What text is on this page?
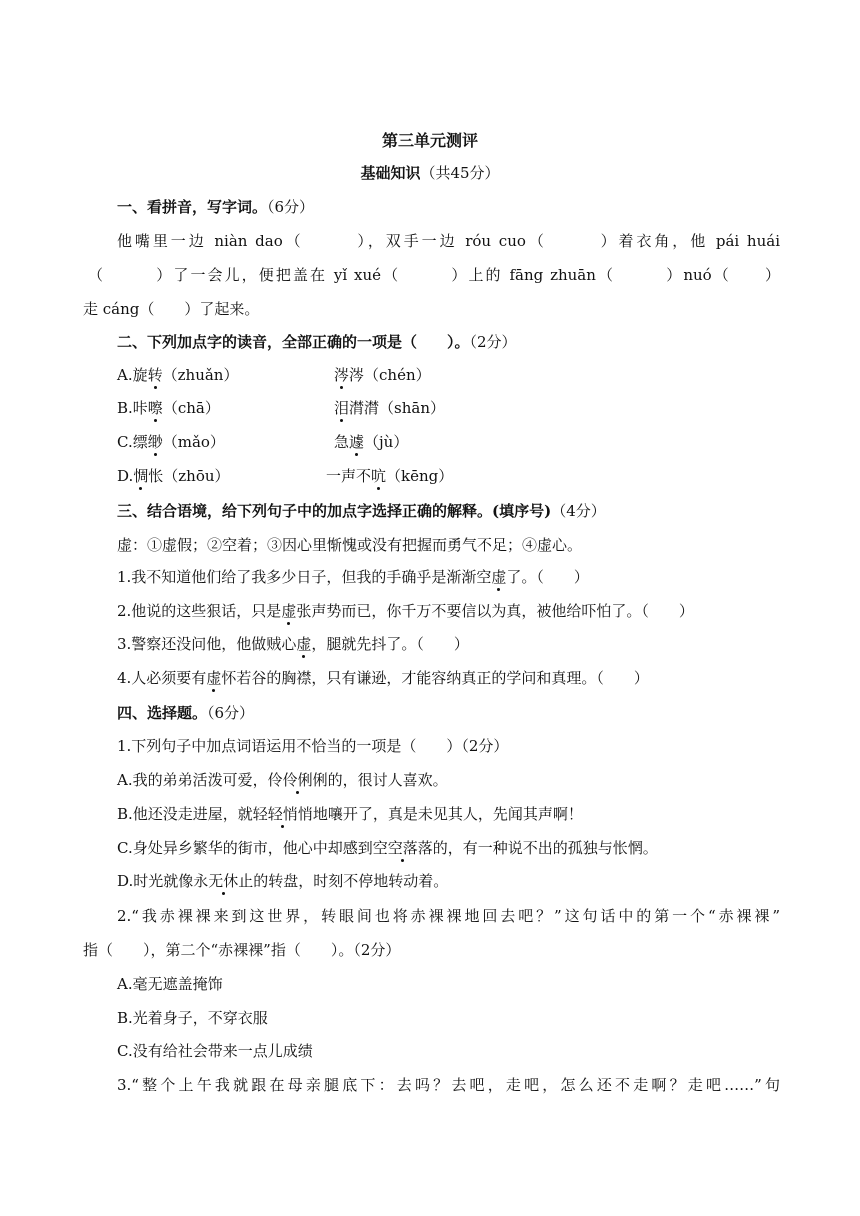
第三单元测评
基础知识（共45分）
一、看拼音，写字词。（6分）
他嘴里一边 niàn dao（　　　），双手一边 róu cuo（　　　）着衣角，他 pái huái
（　　　）了一会儿，便把盖在 yǐ xué（　　　）上的 fāng zhuān（　　　）nuó（　　）
走 cáng（　　）了起来。
二、下列加点字的读音，全部正确的一项是（　　）。（2分）
A.旋转（zhuǎn）	涔涔（chén）
B.咔嚓（chā）	泪潸潸（shān）
C.缥缈（mǎo）	急遽（jù）
D.惆怅（zhōu）	一声不吭（kēng）
三、结合语境，给下列句子中的加点字选择正确的解释。(填序号)（4分）
虚：①虚假；②空着；③因心里惭愧或没有把握而勇气不足；④虚心。
1.我不知道他们给了我多少日子，但我的手确乎是渐渐空虚了。（　　）
2.他说的这些狠话，只是虚张声势而已，你千万不要信以为真，被他给吓怕了。（　　）
3.警察还没问他，他做贼心虚，腿就先抖了。（　　）
4.人必须要有虚怀若谷的胸襟，只有谦逊，才能容纳真正的学问和真理。（　　）
四、选择题。（6分）
1.下列句子中加点词语运用不恰当的一项是（　　）（2分）
A.我的弟弟活泼可爱，伶伶俐俐的，很讨人喜欢。
B.他还没走进屋，就轻轻悄悄地嚷开了，真是未见其人，先闻其声啊！
C.身处异乡繁华的街市，他心中却感到空空落落的，有一种说不出的孤独与怅惘。
D.时光就像永无休止的转盘，时刻不停地转动着。
2.“我赤裸裸来到这世界，转眼间也将赤裸裸地回去吧？”这句话中的第一个“赤裸裸”
指（　　），第二个“赤裸裸”指（　　）。（2分）
A.毫无遮盖掩饰
B.光着身子，不穿衣服
C.没有给社会带来一点儿成绩
3.“整个上午我就跟在母亲腿底下：去吗？去吧，走吧，怎么还不走啊？走吧……”句
